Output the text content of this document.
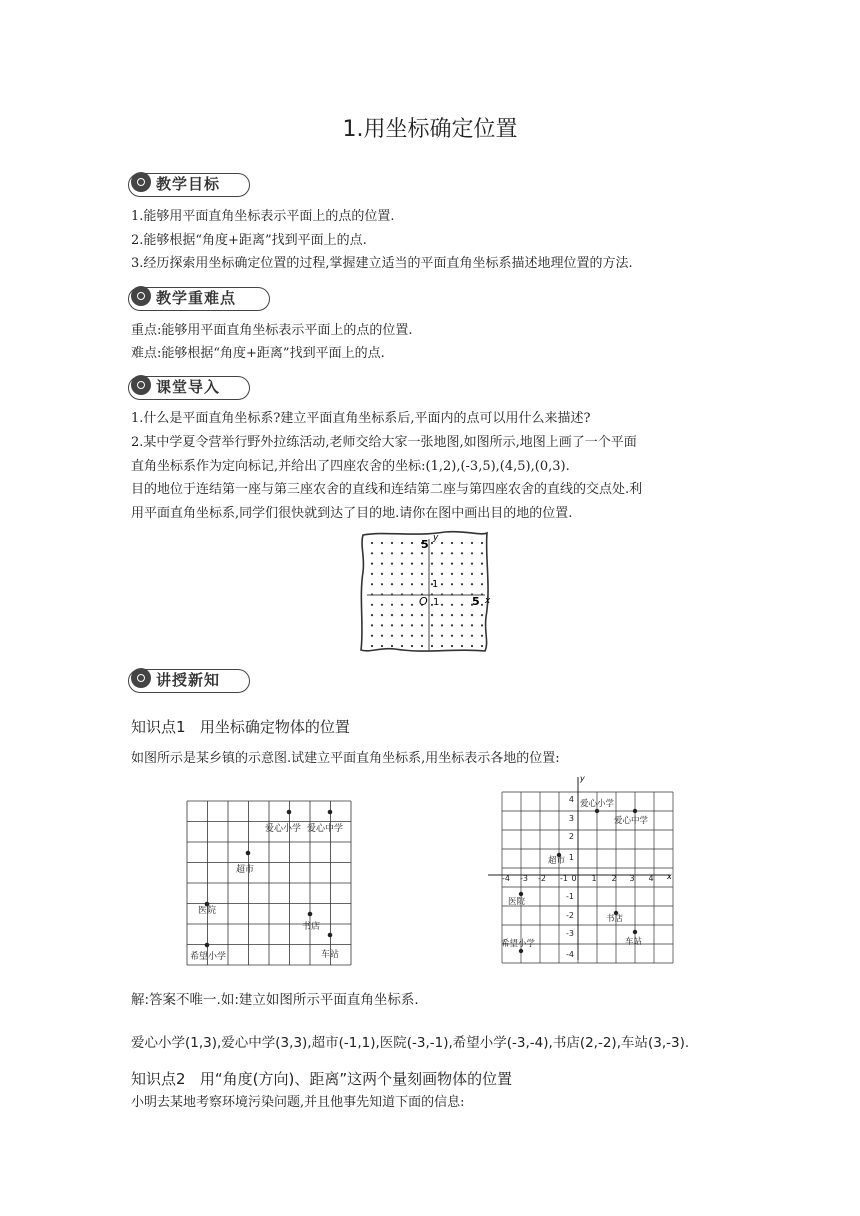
1.用坐标确定位置
教学目标
1.能够用平面直角坐标表示平面上的点的位置.
2.能够根据“角度+距离”找到平面上的点.
3.经历探索用坐标确定位置的过程,掌握建立适当的平面直角坐标系描述地理位置的方法.
教学重难点
重点:能够用平面直角坐标表示平面上的点的位置.
难点:能够根据“角度+距离”找到平面上的点.
课堂导入
1.什么是平面直角坐标系?建立平面直角坐标系后,平面内的点可以用什么来描述?
2.某中学夏令营举行野外拉练活动,老师交给大家一张地图,如图所示,地图上画了一个平面
直角坐标系作为定向标记,并给出了四座农舍的坐标:(1,2),(-3,5),(4,5),(0,3).
目的地位于连结第一座与第三座农舍的直线和连结第二座与第四座农舍的直线的交点处.利
用平面直角坐标系,同学们很快就到达了目的地.请你在图中画出目的地的位置.
y
x
O 1
1
5
5
讲授新知
知识点1 用坐标确定物体的位置
如图所示是某乡镇的示意图.试建立平面直角坐标系,用坐标表示各地的位置:
爱心小学 爱心中学
超市
医院
书店
希望小学	车站
x
y
-4 -3 -2 -1 0 1 2 3 4
4
3
2
1
-1
-2
-3
-4
爱心小学
爱心中学
超市
医院
书店
希望小学	车站
解:答案不唯一.如:建立如图所示平面直角坐标系.
爱心小学(1,3),爱心中学(3,3),超市(-1,1),医院(-3,-1),希望小学(-3,-4),书店(2,-2),车站(3,-3).
知识点2 用“角度(方向)、距离”这两个量刻画物体的位置
小明去某地考察环境污染问题,并且他事先知道下面的信息:
